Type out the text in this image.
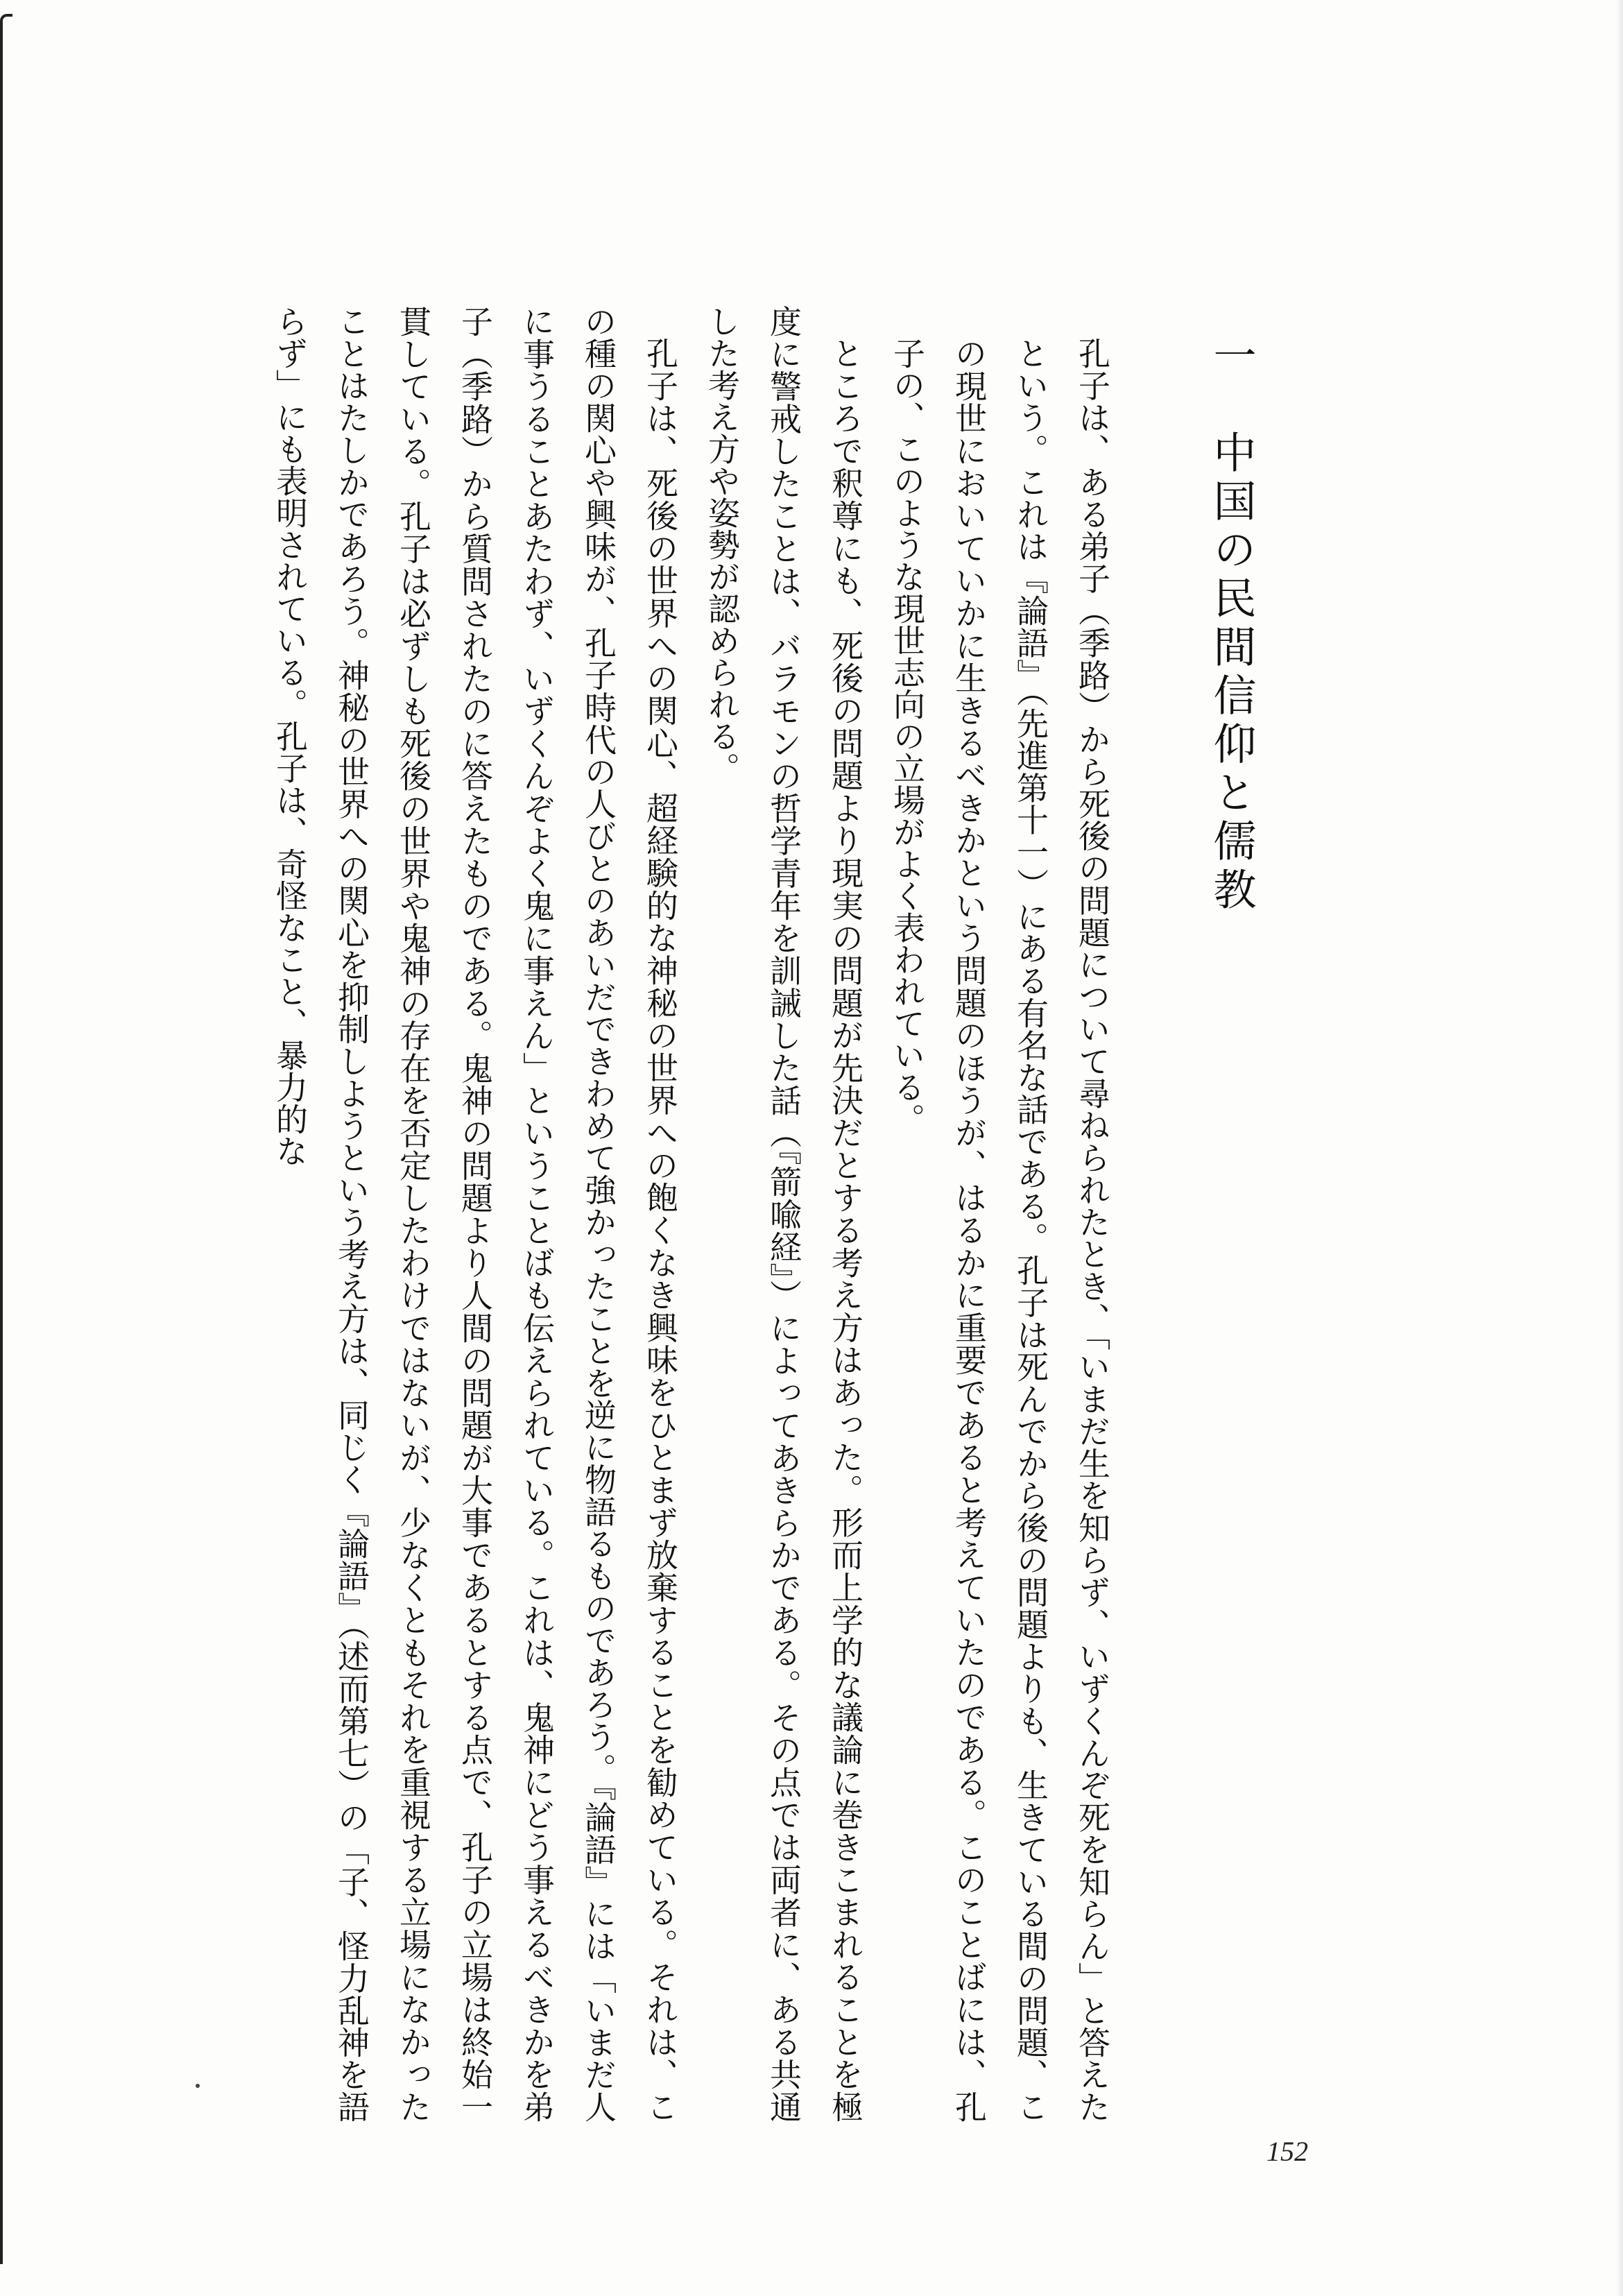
一　中国の民間信仰と儒教

孔子は、ある弟子（季路）から死後の問題について尋ねられたとき、「いまだ生を知らず、いずくんぞ死を知らん」と答えたという。これは『論語』（先進第十一）にある有名な話である。孔子は死んでから後の問題よりも、生きている間の問題、この現世においていかに生きるべきかという問題のほうが、はるかに重要であると考えていたのである。このことばには、孔子の、このような現世志向の立場がよく表われている。

ところで釈尊にも、死後の問題より現実の問題が先決だとする考え方はあった。形而上学的な議論に巻きこまれることを極度に警戒したことは、バラモンの哲学青年を訓誡した話（『箭喩経』）によってあきらかである。その点では両者に、ある共通した考え方や姿勢が認められる。

孔子は、死後の世界への関心、超経験的な神秘の世界への飽くなき興味をひとまず放棄することを勧めている。それは、この種の関心や興味が、孔子時代の人びとのあいだできわめて強かったことを逆に物語るものであろう。『論語』には「いまだ人に事うることあたわず、いずくんぞよく鬼に事えん」ということばも伝えられている。これは、鬼神にどう事えるべきかを弟子（季路）から質問されたのに答えたものである。鬼神の問題より人間の問題が大事であるとする点で、孔子の立場は終始一貫している。孔子は必ずしも死後の世界や鬼神の存在を否定したわけではないが、少なくともそれを重視する立場になかったことはたしかであろう。神秘の世界への関心を抑制しようという考え方は、同じく『論語』（述而第七）の「子、怪力乱神を語らず」にも表明されている。孔子は、奇怪なこと、暴力的な

152
